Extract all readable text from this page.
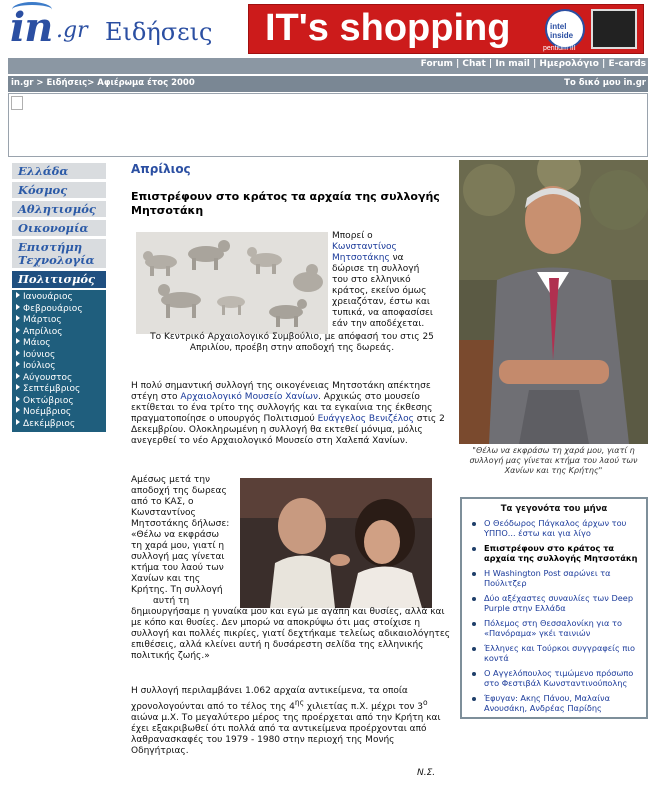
in .gr Ειδήσεις IT's shopping	intel inside
pentium III
Forum | Chat | In mail | Ημερολόγιο | E-cards
in.gr > Ειδήσεις> Αφιέρωμα έτος 2000	Το δικό μου in.gr
Ελλάδα
Κόσμος
Αθλητισμός
Οικονομία
Επιστήμη Τεχνολογία
Πολιτισμός
Ιανουάριος
Φεβρουάριος
Μάρτιος
Απρίλιος
Μάιος
Ιούνιος
Ιούλιος
Αύγουστος
Σεπτέμβριος
Οκτώβριος
Νοέμβριος
Δεκέμβριος
Απρίλιος
Επιστρέφουν στο κράτος τα αρχαία της συλλογής Μητσοτάκη
Μπορεί ο
Κωνσταντίνος
Μητσοτάκης να
δώρισε τη συλλογή
του στο ελληνικό
κράτος, εκείνο όμως
χρειαζόταν, έστω και
τυπικά, να αποφασίσει
εάν την αποδέχεται.
Το Κεντρικό Αρχαιολογικό Συμβούλιο, με απόφασή του στις 25 Απριλίου, προέβη στην αποδοχή της δωρεάς.
Η πολύ σημαντική συλλογή της οικογένειας Μητσοτάκη απέκτησε στέγη στο Αρχαιολογικό Μουσείο Χανίων. Αρχικώς στο μουσείο εκτίθεται το ένα τρίτο της συλλογής και τα εγκαίνια της έκθεσης πραγματοποίησε ο υπουργός Πολιτισμού Ευάγγελος Βενιζέλος στις 2 Δεκεμβρίου. Ολοκληρωμένη η συλλογή θα εκτεθεί μόνιμα, μόλις ανεγερθεί το νέο Αρχαιολογικό Μουσείο στη Χαλεπά Χανίων.
Αμέσως μετά την
αποδοχή της δωρεας
από το ΚΑΣ, ο
Κωνσταντίνος
Μητσοτάκης δήλωσε:
«Θέλω να εκφράσω
τη χαρά μου, γιατί η
συλλογή μας γίνεται
κτήμα του λαού των
Χανίων και της
Κρήτης. Τη συλλογή
αυτή τη
δημιουργήσαμε η γυναίκα μου και εγώ με αγάπη και θυσίες, αλλά και με κόπο και θυσίες. Δεν μπορώ να αποκρύψω ότι μας στοίχισε η συλλογή και πολλές πικρίες, γιατί δεχτήκαμε τελείως αδικαιολόγητες επιθέσεις, αλλά κλείνει αυτή η δυσάρεστη σελίδα της ελληνικής πολιτικής ζωής.»
Η συλλογή περιλαμβάνει 1.062 αρχαία αντικείμενα, τα οποία χρονολογούνται από το τέλος της $4^{\eta\varsigma}$ χιλιετίας π.Χ. μέχρι τον $3^o$ αιώνα μ.Χ. Το μεγαλύτερο μέρος της προέρχεται από την Κρήτη και έχει εξακριβωθεί ότι πολλά από τα αντικείμενα προέρχονται από λαθρανασκαφές του 1979 - 1980 στην περιοχή της Μονής Οδηγήτριας.
Ν.Σ.
"Θέλω να εκφράσω τη χαρά μου, γιατί η συλλογή μας γίνεται κτήμα του λαού των Χανίων και της Κρήτης"
Τα γεγονότα του μήνα
Ο Θεόδωρος Πάγκαλος άρχων του ΥΠΠΟ... έστω και για λίγο
Επιστρέφουν στο κράτος τα αρχαία της συλλογής Μητσοτάκη
Η Washington Post σαρώνει τα Πούλιτζερ
Δύο αξέχαστες συναυλίες των Deep Purple στην Ελλάδα
Πόλεμος στη Θεσσαλονίκη για το «Πανόραμα» γκέι ταινιών
Έλληνες και Τούρκοι συγγραφείς πιο κοντά
Ο Αγγελόπουλος τιμώμενο πρόσωπο στο Φεστιβάλ Κωνσταντινούπολης
Έφυγαν: Ακης Πάνου, Μαλαίνα Ανουσάκη, Ανδρέας Παρίδης
